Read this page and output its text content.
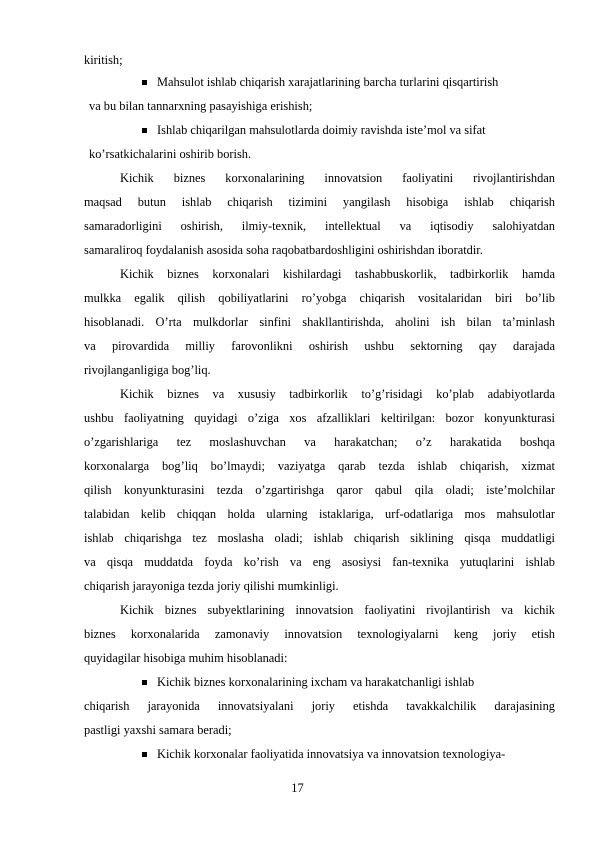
kiritish;
Mahsulot ishlab chiqarish xarajatlarining barcha turlarini qisqartirish
va bu bilan tannarxning pasayishiga erishish;
Ishlab chiqarilgan mahsulotlarda doimiy ravishda iste’mol va sifat
ko’rsatkichalarini oshirib borish.
Kichik biznes korxonalarining innovatsion faoliyatini rivojlantirishdan
maqsad butun ishlab chiqarish tizimini yangilash hisobiga ishlab chiqarish
samaradorligini oshirish, ilmiy-texnik, intellektual va iqtisodiy salohiyatdan
samaraliroq foydalanish asosida soha raqobatbardoshligini oshirishdan iboratdir.
Kichik biznes korxonalari kishilardagi tashabbuskorlik, tadbirkorlik hamda
mulkka egalik qilish qobiliyatlarini ro’yobga chiqarish vositalaridan biri bo’lib
hisoblanadi. O’rta mulkdorlar sinfini shakllantirishda, aholini ish bilan ta’minlash
va pirovardida milliy farovonlikni oshirish ushbu sektorning qay darajada
rivojlanganligiga bog’liq.
Kichik biznes va xususiy tadbirkorlik to’g’risidagi ko’plab adabiyotlarda
ushbu faoliyatning quyidagi o’ziga xos afzalliklari keltirilgan: bozor konyunkturasi
o’zgarishlariga tez moslashuvchan va harakatchan; o’z harakatida boshqa
korxonalarga bog’liq bo’lmaydi; vaziyatga qarab tezda ishlab chiqarish, xizmat
qilish konyunkturasini tezda o’zgartirishga qaror qabul qila oladi; iste’molchilar
talabidan kelib chiqqan holda ularning istaklariga, urf-odatlariga mos mahsulotlar
ishlab chiqarishga tez moslasha oladi; ishlab chiqarish siklining qisqa muddatligi
va qisqa muddatda foyda ko’rish va eng asosiysi fan-texnika yutuqlarini ishlab
chiqarish jarayoniga tezda joriy qilishi mumkinligi.
Kichik biznes subyektlarining innovatsion faoliyatini rivojlantirish va kichik
biznes korxonalarida zamonaviy innovatsion texnologiyalarni keng joriy etish
quyidagilar hisobiga muhim hisoblanadi:
Kichik biznes korxonalarining ixcham va harakatchanligi ishlab
chiqarish jarayonida innovatsiyalani joriy etishda tavakkalchilik darajasining
pastligi yaxshi samara beradi;
Kichik korxonalar faoliyatida innovatsiya va innovatsion texnologiya-
17
